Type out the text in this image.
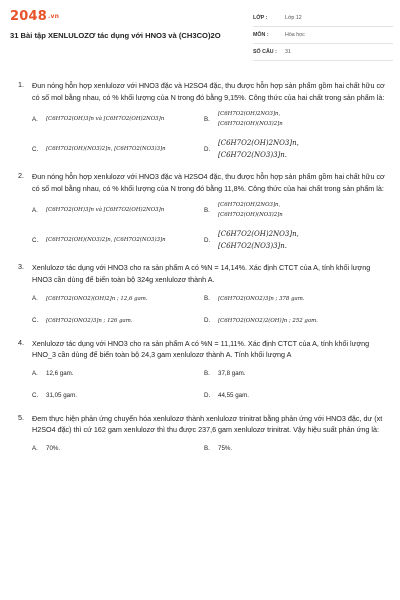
2048.vn
31 Bài tập XENLULOZƠ tác dụng với HNO3 và (CH3CO)2O
LỚP :	Lớp 12
MÔN :	Hóa học
SỐ CÂU :	31
1. Đun nóng hỗn hợp xenlulozơ với HNO3 đặc và H2SO4 đặc, thu được hỗn hợp sản phẩm gồm hai chất hữu cơ có số mol bằng nhau, có % khối lượng của N trong đó bằng 9,15%. Công thức của hai chất trong sản phẩm là:
A.	[C6H7O2(OH)3]n và [C6H7O2(OH)2NO3]n	B.
[C6H7O2(OH)2NO3]n,
[C6H7O2(OH)(NO3)2]n
C.	[C6H7O2(OH)(NO3)2]n, [C6H7O2(NO3)3]n	D.
[C6H7O2(OH)2NO3]n,
[C6H7O2(NO3)3]n.
2. Đun nóng hỗn hợp xenlulozơ với HNO3 đặc và H2SO4 đặc, thu được hỗn hợp sản phẩm gồm hai chất hữu cơ có số mol bằng nhau, có % khối lượng của N trong đó bằng 11,8%. Công thức của hai chất trong sản phẩm là:
A.	[C6H7O2(OH)3]n và [C6H7O2(OH)2NO3]n	B.
[C6H7O2(OH)2NO3]n,
[C6H7O2(OH)(NO3)2]n
C.	[C6H7O2(OH)(NO3)2]n, [C6H7O2(NO3)3]n	D.
[C6H7O2(OH)2NO3]n,
[C6H7O2(NO3)3]n.
3. Xenlulozơ tác dụng với HNO3 cho ra sản phẩm A có %N = 14,14%. Xác định CTCT của A, tính khối lượng HNO3 cần dùng để biến toàn bộ 324g xenlulozơ thành A.
A.	[C6H7O2(ONO2)(OH)2]n ; 12,6 gam.	B.	[C6H7O2(ONO2)3]n ; 378 gam.
C.	[C6H7O2(ONO2)3]n ; 126 gam.	D.	[C6H7O2(ONO2)2(OH)]n ; 252 gam.
4. Xenlulozơ tác dụng với HNO3 cho ra sản phẩm A có %N = 11,11%. Xác định CTCT của A, tính khối lượng HNO_3 cần dùng để biến toàn bộ 24,3 gam xenlulozơ thành A. Tính khối lượng A
A.	12,6 gam.	B.	37,8 gam.
C.	31,05 gam.	D.	44,55 gam.
5. Đem thực hiện phản ứng chuyển hóa xenlulozơ thành xenlulozơ trinitrat bằng phản ứng với HNO3 đặc, dư (xt H2SO4 đặc) thì cứ 162 gam xenlulozơ thì thu được 237,6 gam xenlulozơ trinitrat. Vậy hiệu suất phản ứng là:
A.	70%.	B.	75%.
